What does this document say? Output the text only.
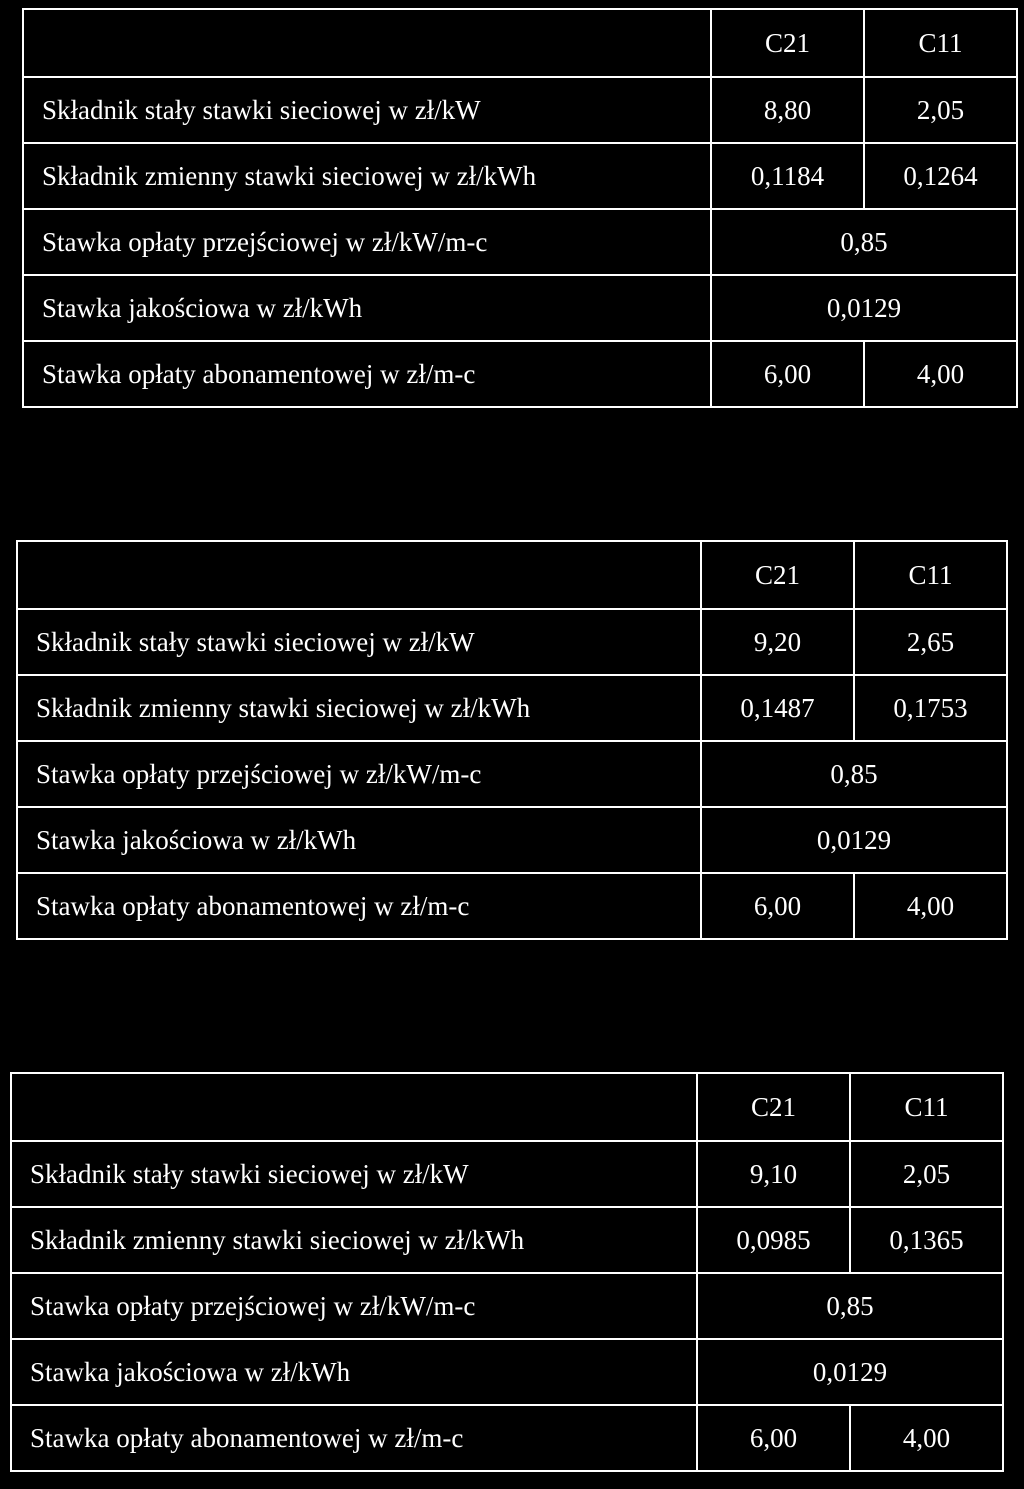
	C21	C11
Składnik stały stawki sieciowej w zł/kW	8,80	2,05
Składnik zmienny stawki sieciowej w zł/kWh	0,1184	0,1264
Stawka opłaty przejściowej w zł/kW/m-c	0,85	
Stawka jakościowa w zł/kWh	0,0129	
Stawka opłaty abonamentowej w zł/m-c	6,00	4,00
	C21	C11
Składnik stały stawki sieciowej w zł/kW	9,20	2,65
Składnik zmienny stawki sieciowej w zł/kWh	0,1487	0,1753
Stawka opłaty przejściowej w zł/kW/m-c	0,85	
Stawka jakościowa w zł/kWh	0,0129	
Stawka opłaty abonamentowej w zł/m-c	6,00	4,00
	C21	C11
Składnik stały stawki sieciowej w zł/kW	9,10	2,05
Składnik zmienny stawki sieciowej w zł/kWh	0,0985	0,1365
Stawka opłaty przejściowej w zł/kW/m-c	0,85	
Stawka jakościowa w zł/kWh	0,0129	
Stawka opłaty abonamentowej w zł/m-c	6,00	4,00
